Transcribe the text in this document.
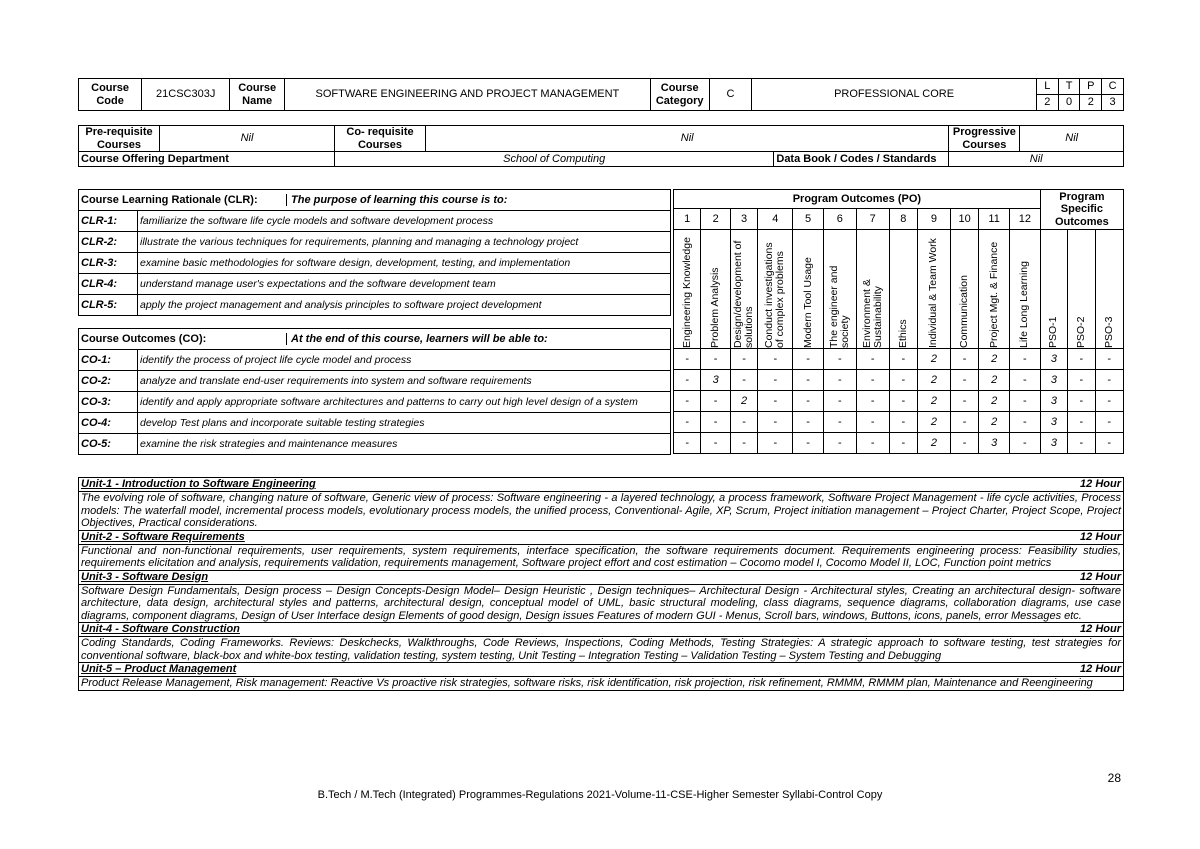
Course Code	21CSC303J	Course Name	SOFTWARE ENGINEERING AND PROJECT MANAGEMENT	Course Category	C	PROFESSIONAL CORE	L	T	P	C
							2	0	2	3
Pre-requisite Courses	Nil	Co- requisite Courses	Nil		Progressive Courses	Nil
Course Offering Department		School of Computing		Data Book / Codes / Standards	Nil	
Course Learning Rationale (CLR): The purpose of learning this course is to:	
CLR-1:	familiarize the software life cycle models and software development process
CLR-2:	illustrate the various techniques for requirements, planning and managing a technology project
CLR-3:	examine basic methodologies for software design, development, testing, and implementation
CLR-4:	understand manage user's expectations and the software development team
CLR-5:	apply the project management and analysis principles to software project development

Course Outcomes (CO): At the end of this course, learners will be able to:	
CO-1:	identify the process of project life cycle model and process
CO-2:	analyze and translate end-user requirements into system and software requirements
CO-3:	identify and apply appropriate software architectures and patterns to carry out high level design of a system
CO-4:	develop Test plans and incorporate suitable testing strategies
CO-5:	examine the risk strategies and maintenance measures
Program Outcomes (PO)												Program Specific Outcomes		
1	2	3	4	5	6	7	8	9	10	11	12			

Engineering Knowledge	Problem Analysis	Design/development of solutions	Conduct investigations of complex problems	Modern Tool Usage	The engineer and society	Environment & Sustainability	Ethics	Individual & Team Work	Communication	Project Mgt. & Finance	Life Long Learning	PSO-1	PSO-2	PSO-3

-	-	-	-	-	-	-	-	2	-	2	-	3	-	-
-	3	-	-	-	-	-	-	2	-	2	-	3	-	-
-	-	2	-	-	-	-	-	2	-	2	-	3	-	-
-	-	-	-	-	-	-	-	2	-	2	-	3	-	-
-	-	-	-	-	-	-	-	2	-	3	-	3	-	-
Unit-1 - Introduction to Software Engineering	12 Hour
The evolving role of software, changing nature of software, Generic view of process: Software engineering - a layered technology, a process framework, Software Project Management - life cycle activities, Process models: The waterfall model, incremental process models, evolutionary process models, the unified process, Conventional- Agile, XP, Scrum, Project initiation management – Project Charter, Project Scope, Project Objectives, Practical considerations.
Unit-2 - Software Requirements	12 Hour
Functional and non-functional requirements, user requirements, system requirements, interface specification, the software requirements document. Requirements engineering process: Feasibility studies, requirements elicitation and analysis, requirements validation, requirements management, Software project effort and cost estimation – Cocomo model I, Cocomo Model II, LOC, Function point metrics
Unit-3 - Software Design	12 Hour
Software Design Fundamentals, Design process – Design Concepts-Design Model– Design Heuristic , Design techniques– Architectural Design - Architectural styles, Creating an architectural design- software architecture, data design, architectural styles and patterns, architectural design, conceptual model of UML, basic structural modeling, class diagrams, sequence diagrams, collaboration diagrams, use case diagrams, component diagrams, Design of User Interface design Elements of good design, Design issues Features of modern GUI - Menus, Scroll bars, windows, Buttons, icons, panels, error Messages etc.
Unit-4 - Software Construction	12 Hour
Coding Standards, Coding Frameworks. Reviews: Deskchecks, Walkthroughs, Code Reviews, Inspections, Coding Methods, Testing Strategies: A strategic approach to software testing, test strategies for conventional software, black-box and white-box testing, validation testing, system testing, Unit Testing – Integration Testing – Validation Testing – System Testing and Debugging
Unit-5 – Product Management	12 Hour
Product Release Management, Risk management: Reactive Vs proactive risk strategies, software risks, risk identification, risk projection, risk refinement, RMMM, RMMM plan, Maintenance and Reengineering
28
B.Tech / M.Tech (Integrated) Programmes-Regulations 2021-Volume-11-CSE-Higher Semester Syllabi-Control Copy
